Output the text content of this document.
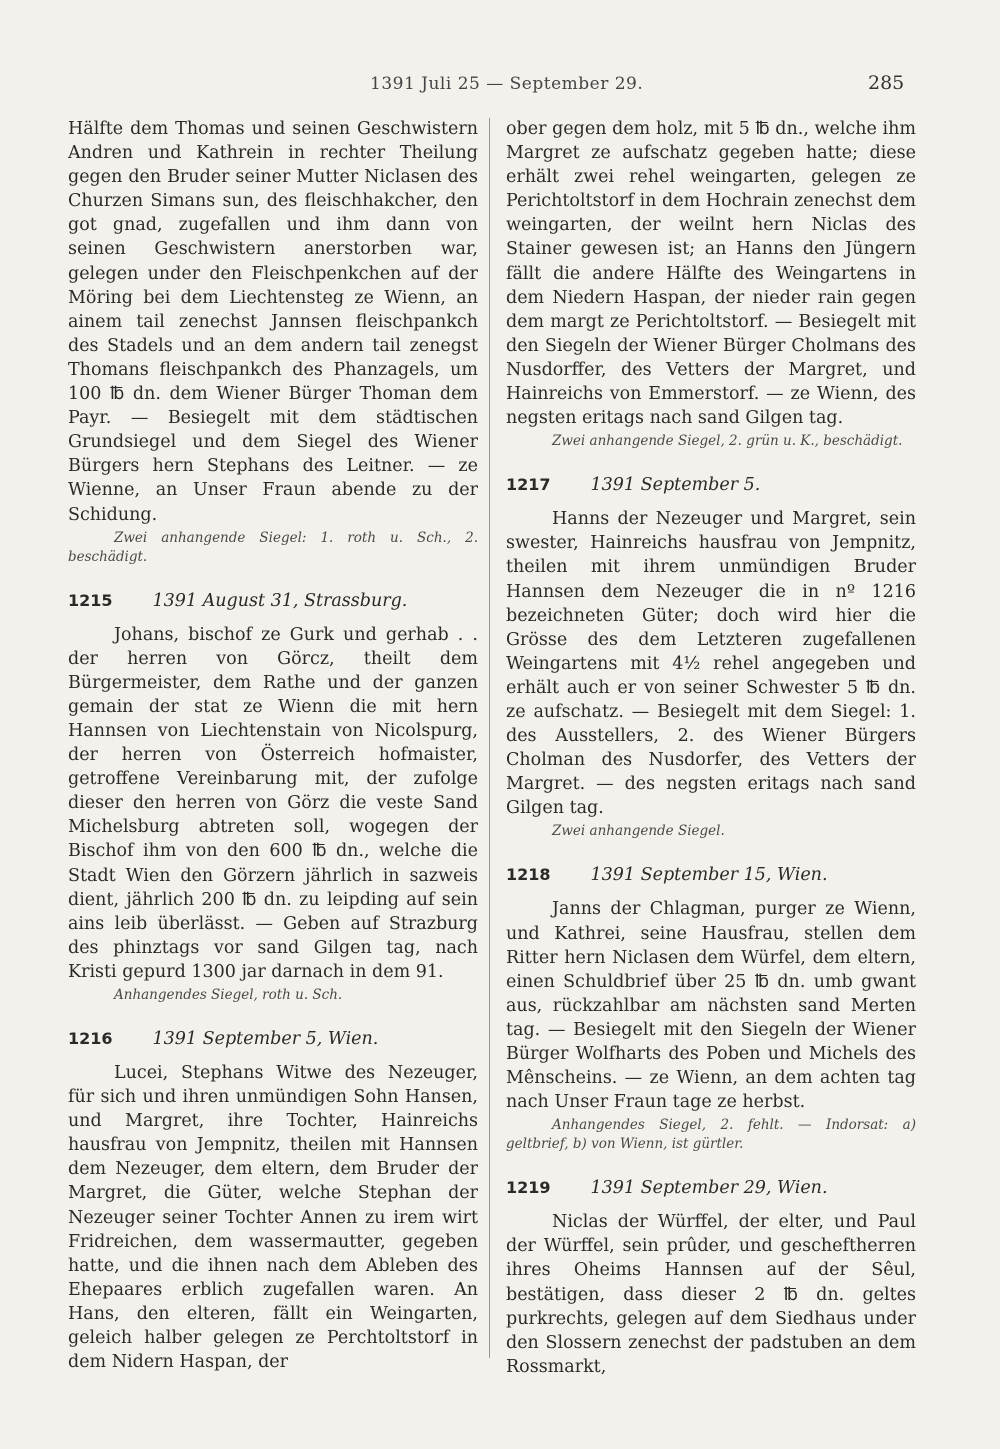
1391 Juli 25 — September 29.	285

Hälfte dem Thomas und seinen Geschwistern Andren und Kathrein in rechter Theilung gegen den Bruder seiner Mutter Niclasen des Churzen Simans sun, des fleischhakcher, den got gnad, zugefallen und ihm dann von seinen Geschwistern anerstorben war, gelegen under den Fleischpenkchen auf der Möring bei dem Liechtensteg ze Wienn, an ainem tail zenechst Jannsen fleischpankch des Stadels und an dem andern tail zenegst Thomans fleischpankch des Phanzagels, um 100 ℔ dn. dem Wiener Bürger Thoman dem Payr. — Besiegelt mit dem städtischen Grundsiegel und dem Siegel des Wiener Bürgers hern Stephans des Leitner. — ze Wienne, an Unser Fraun abende zu der Schidung.

Zwei anhangende Siegel: 1. roth u. Sch., 2. beschädigt.

1215 1391 August 31, Strassburg.

Johans, bischof ze Gurk und gerhab . . der herren von Görcz, theilt dem Bürgermeister, dem Rathe und der ganzen gemain der stat ze Wienn die mit hern Hannsen von Liechtenstain von Nicolspurg, der herren von Österreich hofmaister, getroffene Vereinbarung mit, der zufolge dieser den herren von Görz die veste Sand Michelsburg abtreten soll, wogegen der Bischof ihm von den 600 ℔ dn., welche die Stadt Wien den Görzern jährlich in sazweis dient, jährlich 200 ℔ dn. zu leipding auf sein ains leib überlässt. — Geben auf Strazburg des phinztags vor sand Gilgen tag, nach Kristi gepurd 1300 jar darnach in dem 91.

Anhangendes Siegel, roth u. Sch.

1216 1391 September 5, Wien.

Lucei, Stephans Witwe des Nezeuger, für sich und ihren unmündigen Sohn Hansen, und Margret, ihre Tochter, Hainreichs hausfrau von Jempnitz, theilen mit Hannsen dem Nezeuger, dem eltern, dem Bruder der Margret, die Güter, welche Stephan der Nezeuger seiner Tochter Annen zu irem wirt Fridreichen, dem wassermautter, gegeben hatte, und die ihnen nach dem Ableben des Ehepaares erblich zugefallen waren. An Hans, den elteren, fällt ein Weingarten, geleich halber gelegen ze Perchtoltstorf in dem Nidern Haspan, der

ober gegen dem holz, mit 5 ℔ dn., welche ihm Margret ze aufschatz gegeben hatte; diese erhält zwei rehel weingarten, gelegen ze Perichtoltstorf in dem Hochrain zenechst dem weingarten, der weilnt hern Niclas des Stainer gewesen ist; an Hanns den Jüngern fällt die andere Hälfte des Weingartens in dem Niedern Haspan, der nieder rain gegen dem margt ze Perichtoltstorf. — Besiegelt mit den Siegeln der Wiener Bürger Cholmans des Nusdorffer, des Vetters der Margret, und Hainreichs von Emmerstorf. — ze Wienn, des negsten eritags nach sand Gilgen tag.

Zwei anhangende Siegel, 2. grün u. K., beschädigt.

1217 1391 September 5.

Hanns der Nezeuger und Margret, sein swester, Hainreichs hausfrau von Jempnitz, theilen mit ihrem unmündigen Bruder Hannsen dem Nezeuger die in nº 1216 bezeichneten Güter; doch wird hier die Grösse des dem Letzteren zugefallenen Weingartens mit 4½ rehel angegeben und erhält auch er von seiner Schwester 5 ℔ dn. ze aufschatz. — Besiegelt mit dem Siegel: 1. des Ausstellers, 2. des Wiener Bürgers Cholman des Nusdorfer, des Vetters der Margret. — des negsten eritags nach sand Gilgen tag.

Zwei anhangende Siegel.

1218 1391 September 15, Wien.

Janns der Chlagman, purger ze Wienn, und Kathrei, seine Hausfrau, stellen dem Ritter hern Niclasen dem Würfel, dem eltern, einen Schuldbrief über 25 ℔ dn. umb gwant aus, rückzahlbar am nächsten sand Merten tag. — Besiegelt mit den Siegeln der Wiener Bürger Wolfharts des Poben und Michels des Mênscheins. — ze Wienn, an dem achten tag nach Unser Fraun tage ze herbst.

Anhangendes Siegel, 2. fehlt. — Indorsat: a) geltbrief, b) von Wienn, ist gürtler.

1219 1391 September 29, Wien.

Niclas der Würffel, der elter, und Paul der Würffel, sein prûder, und gescheftherren ihres Oheims Hannsen auf der Sêul, bestätigen, dass dieser 2 ℔ dn. geltes purkrechts, gelegen auf dem Siedhaus under den Slossern zenechst der padstuben an dem Rossmarkt,
